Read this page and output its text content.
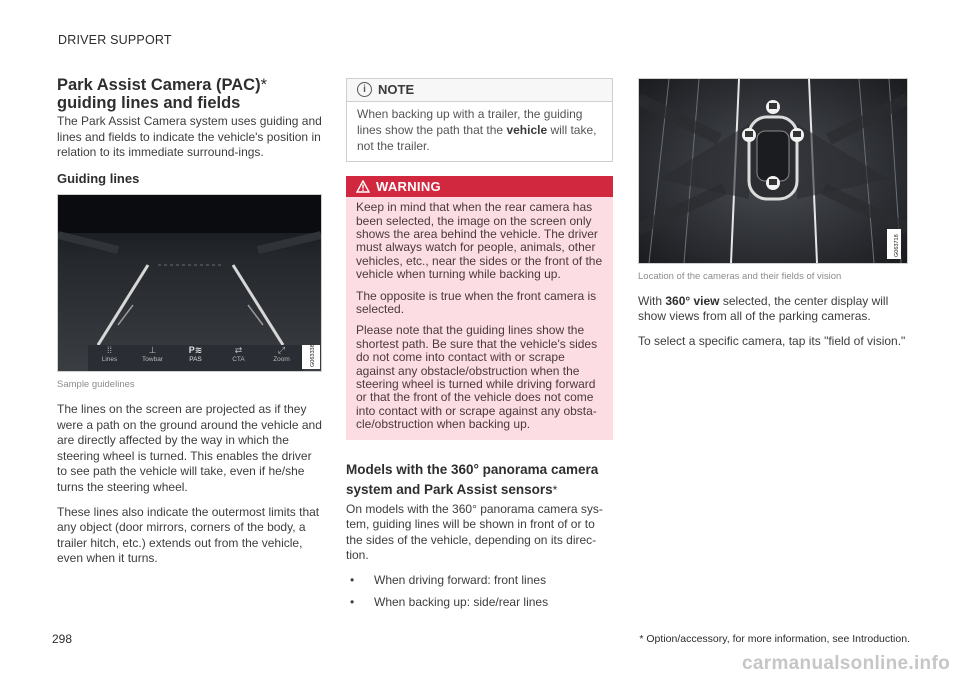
DRIVER SUPPORT
Park Assist Camera (PAC)* guiding lines and fields

The Park Assist Camera system uses guiding and lines and fields to indicate the vehicle's position in relation to its immediate surround-ings.

Guiding lines
⁞⁞
Lines
⊥
Towbar
P≋
PAS
⇄
CTA
⤢
Zoom	G063338
Sample guidelines

The lines on the screen are projected as if they were a path on the ground around the vehicle and are directly affected by the way in which the steering wheel is turned. This enables the driver to see path the vehicle will take, even if he/she turns the steering wheel.

These lines also indicate the outermost limits that any object (door mirrors, corners of the body, a trailer hitch, etc.) extends out from the vehicle, even when it turns.

i NOTE
When backing up with a trailer, the guiding lines show the path that the vehicle will take, not the trailer.
WARNING

Keep in mind that when the rear camera has been selected, the image on the screen only shows the area behind the vehicle. The driver must always watch for people, animals, other vehicles, etc., near the sides or the front of the vehicle when turning while backing up.

The opposite is true when the front camera is selected.

Please note that the guiding lines show the shortest path. Be sure that the vehicle's sides do not come into contact with or scrape against any obstacle/obstruction when the steering wheel is turned while driving forward or that the front of the vehicle does not come into contact with or scrape against any obsta-cle/obstruction when backing up.

Models with the 360° panorama camera system and Park Assist sensors*

On models with the 360° panorama camera sys-tem, guiding lines will be shown in front of or to the sides of the vehicle, depending on its direc-tion.

•	When driving forward: front lines
•	When backing up: side/rear lines
G063718
Location of the cameras and their fields of vision

With 360° view selected, the center display will show views from all of the parking cameras.

To select a specific camera, tap its "field of vision."

298	* Option/accessory, for more information, see Introduction.
carmanualsonline.info
